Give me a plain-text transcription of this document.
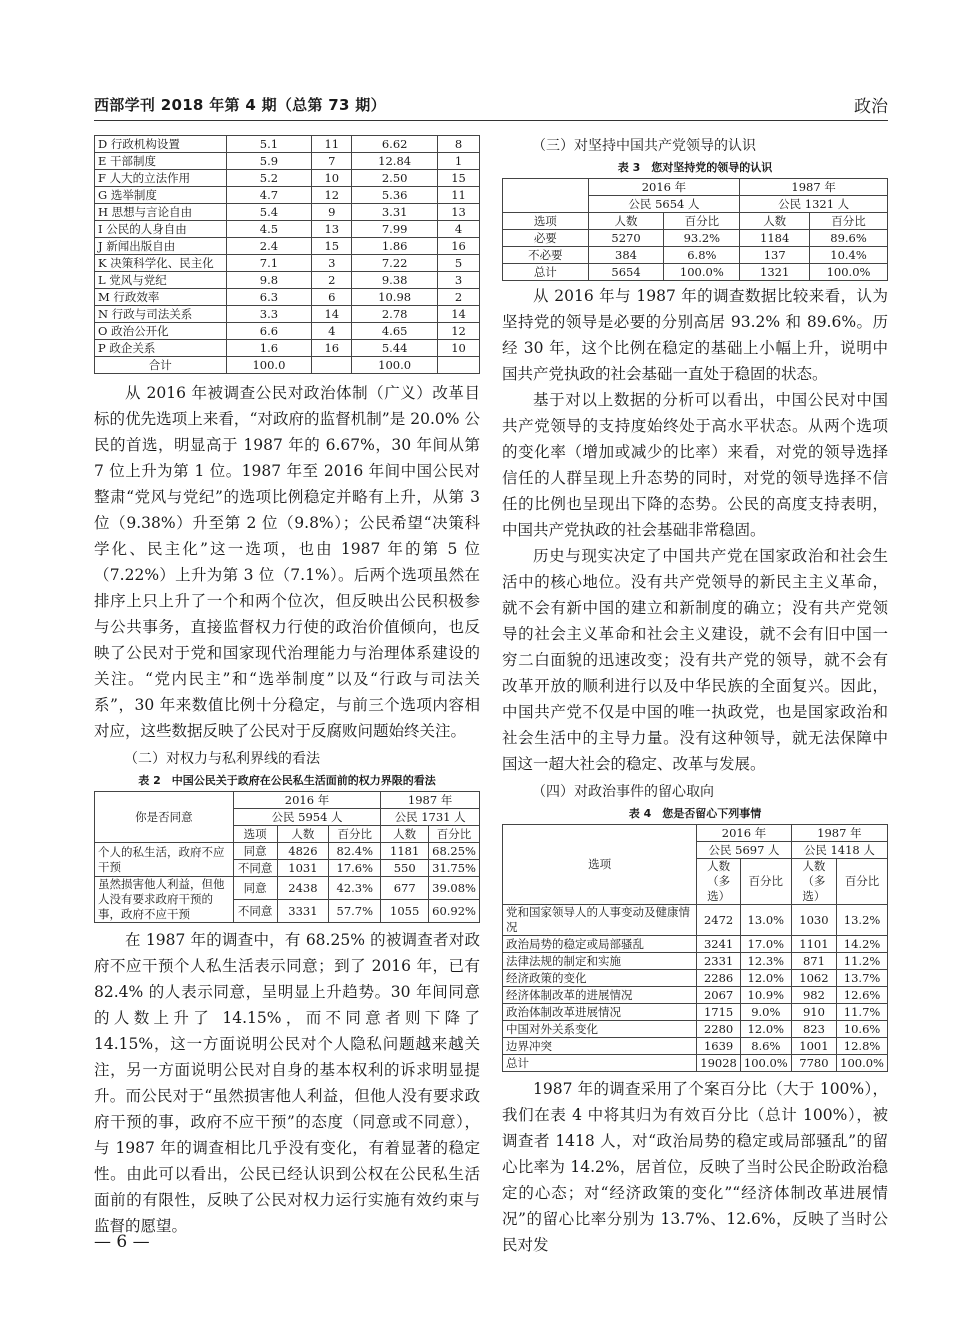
西部学刊 2018 年第 4 期（总第 73 期）	政治
D 行政机构设置	5.1	11	6.62	8
E 干部制度	5.9	7	12.84	1
F 人大的立法作用	5.2	10	2.50	15
G 选举制度	4.7	12	5.36	11
H 思想与言论自由	5.4	9	3.31	13
I 公民的人身自由	4.5	13	7.99	4
J 新闻出版自由	2.4	15	1.86	16
K 决策科学化、民主化	7.1	3	7.22	5
L 党风与党纪	9.8	2	9.38	3
M 行政效率	6.3	6	10.98	2
N 行政与司法关系	3.3	14	2.78	14
O 政治公开化	6.6	4	4.65	12
P 政企关系	1.6	16	5.44	10
合计	100.0		100.0	

从 2016 年被调查公民对政治体制（广义）改革目标的优先选项上来看，“对政府的监督机制”是 20.0% 公民的首选，明显高于 1987 年的 6.67%，30 年间从第 7 位上升为第 1 位。1987 年至 2016 年间中国公民对整肃“党风与党纪”的选项比例稳定并略有上升，从第 3 位（9.38%）升至第 2 位（9.8%）；公民希望“决策科学化、民主化”这一选项，也由 1987 年的第 5 位（7.22%）上升为第 3 位（7.1%）。后两个选项虽然在排序上只上升了一个和两个位次，但反映出公民积极参与公共事务，直接监督权力行使的政治价值倾向，也反映了公民对于党和国家现代治理能力与治理体系建设的关注。“党内民主”和“选举制度”以及“行政与司法关系”，30 年来数值比例十分稳定，与前三个选项内容相对应，这些数据反映了公民对于反腐败问题始终关注。

（二）对权力与私利界线的看法
表 2　中国公民关于政府在公民私生活面前的权力界限的看法
你是否同意	2016 年			1987 年	
	公民 5954 人			公民 1731 人	
	选项	人数	百分比	人数	百分比
个人的私生活，政府不应干预	同意	4826	82.4%	1181	68.25%
	不同意	1031	17.6%	550	31.75%
虽然损害他人利益，但他人没有要求政府干预的事，政府不应干预	同意	2438	42.3%	677	39.08%
	不同意	3331	57.7%	1055	60.92%

在 1987 年的调查中，有 68.25% 的被调查者对政府不应干预个人私生活表示同意；到了 2016 年，已有 82.4% 的人表示同意，呈明显上升趋势。30 年间同意的人数上升了 14.15%，而不同意者则下降了 14.15%，这一方面说明公民对个人隐私问题越来越关注，另一方面说明公民对自身的基本权利的诉求明显提升。而公民对于“虽然损害他人利益，但他人没有要求政府干预的事，政府不应干预”的态度（同意或不同意），与 1987 年的调查相比几乎没有变化，有着显著的稳定性。由此可以看出，公民已经认识到公权在公民私生活面前的有限性，反映了公民对权力运行实施有效约束与监督的愿望。

（三）对坚持中国共产党领导的认识
表 3　您对坚持党的领导的认识
	2016 年		1987 年	
	公民 5654 人		公民 1321 人	
选项	人数	百分比	人数	百分比
必要	5270	93.2%	1184	89.6%
不必要	384	6.8%	137	10.4%
总计	5654	100.0%	1321	100.0%

从 2016 年与 1987 年的调查数据比较来看，认为坚持党的领导是必要的分别高居 93.2% 和 89.6%。历经 30 年，这个比例在稳定的基础上小幅上升，说明中国共产党执政的社会基础一直处于稳固的状态。

基于对以上数据的分析可以看出，中国公民对中国共产党领导的支持度始终处于高水平状态。从两个选项的变化率（增加或减少的比率）来看，对党的领导选择信任的人群呈现上升态势的同时，对党的领导选择不信任的比例也呈现出下降的态势。公民的高度支持表明，中国共产党执政的社会基础非常稳固。

历史与现实决定了中国共产党在国家政治和社会生活中的核心地位。没有共产党领导的新民主主义革命，就不会有新中国的建立和新制度的确立；没有共产党领导的社会主义革命和社会主义建设，就不会有旧中国一穷二白面貌的迅速改变；没有共产党的领导，就不会有改革开放的顺利进行以及中华民族的全面复兴。因此，中国共产党不仅是中国的唯一执政党，也是国家政治和社会生活中的主导力量。没有这种领导，就无法保障中国这一超大社会的稳定、改革与发展。

（四）对政治事件的留心取向
表 4　您是否留心下列事情
选项	2016 年		1987 年	
	公民 5697 人		公民 1418 人	
	人数（多选）	百分比	人数（多选）	百分比
党和国家领导人的人事变动及健康情况	2472	13.0%	1030	13.2%
政治局势的稳定或局部骚乱	3241	17.0%	1101	14.2%
法律法规的制定和实施	2331	12.3%	871	11.2%
经济政策的变化	2286	12.0%	1062	13.7%
经济体制改革的进展情况	2067	10.9%	982	12.6%
政治体制改革进展情况	1715	9.0%	910	11.7%
中国对外关系变化	2280	12.0%	823	10.6%
边界冲突	1639	8.6%	1001	12.8%
总计	19028	100.0%	7780	100.0%

1987 年的调查采用了个案百分比（大于 100%），我们在表 4 中将其归为有效百分比（总计 100%），被调查者 1418 人，对“政治局势的稳定或局部骚乱”的留心比率为 14.2%，居首位，反映了当时公民企盼政治稳定的心态；对“经济政策的变化”“经济体制改革进展情况”的留心比率分别为 13.7%、12.6%，反映了当时公民对发

— 6 —
